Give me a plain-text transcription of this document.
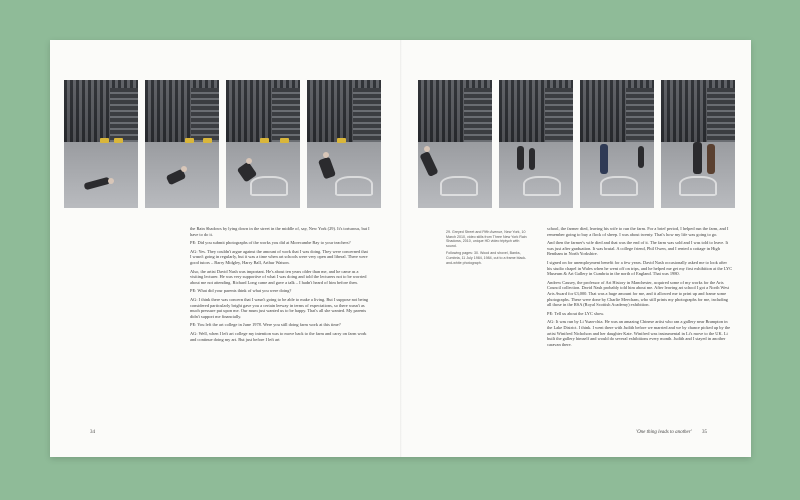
the Rain Shadows by lying down in the street in the middle of, say, New York (29). It's torturous, but I have to do it.

PE: Did you submit photographs of the works you did at Morecambe Bay to your teachers?

AG: Yes. They couldn't argue against the amount of work that I was doing. They were concerned that I wasn't going in regularly, but it was a time when art schools were very open and liberal. There were good tutors – Barry Midgley, Harry Ball, Arthur Watson.

Also, the artist David Nash was important. He's about ten years older than me, and he came as a visiting lecturer. He was very supportive of what I was doing and told the lecturers not to be worried about me not attending. Richard Long came and gave a talk – I hadn't heard of him before then.

PE: What did your parents think of what you were doing?

AG: I think there was concern that I wasn't going to be able to make a living. But I suppose not being considered particularly bright gave you a certain leeway in terms of expectations, so there wasn't as much pressure put upon me. Our mum just wanted us to be happy. That's all she wanted. My parents didn't support me financially.

PE: You left the art college in June 1978. Were you still doing farm work at this time?

AG: Well, when I left art college my intention was to move back to the farm and carry on farm work and continue doing my art. But just before I left art

29. Greyed Street and Fifth Avenue, New York, 10 March 2010, video stills from Three New York Rain Shadows, 2010, unique HD video triptych with sound.
Following pages: 30. Wood and shovel, Banks, Cumbria, 11 July 1984, 1984, cut to a frame black-and-white photograph.

school, the farmer died, leaving his wife to run the farm. For a brief period, I helped run the farm, and I remember going to buy a flock of sheep. I was about twenty. That's how my life was going to go.

And then the farmer's wife died and that was the end of it. The farm was sold and I was told to leave. It was just after graduation. It was brutal. A college friend, Phil Owen, and I rented a cottage in High Bentham in North Yorkshire.

I signed on for unemployment benefit for a few years. David Nash occasionally asked me to look after his studio chapel in Wales when he went off on trips, and he helped me get my first exhibition at the LYC Museum & Art Gallery in Cumbria in the north of England. That was 1980.

Andrew Causey, the professor of Art History in Manchester, acquired some of my works for the Arts Council collection. David Nash probably told him about me. After leaving art school I got a North West Arts Award for £3,000. That was a huge amount for me, and it allowed me to print up and frame some photographs. These were done by Charlie Meecham, who still prints my photographs for me, including all those in the RSA (Royal Scottish Academy) exhibition.

PE: Tell us about the LYC show.

AG: It was run by Li Yuan-chia. He was an amazing Chinese artist who ran a gallery near Brampton in the Lake District. I think. I went there with Judith before we married and we by chance picked up by the artist Winifred Nicholson and her daughter Kate. Winifred was instrumental in Li's move to the UK. Li built the gallery himself and would do several exhibitions every month. Judith and I stayed in another caravan there.

34	'One thing leads to another' 35
